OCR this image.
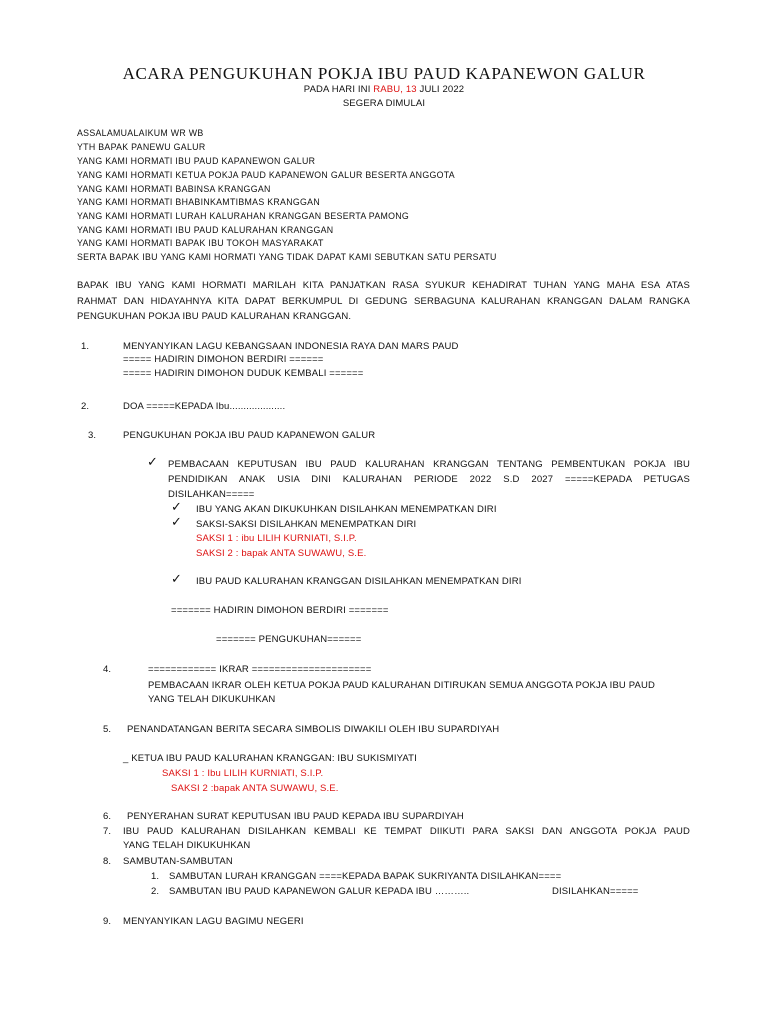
ACARA PENGUKUHAN POKJA IBU PAUD KAPANEWON GALUR
PADA HARI INI RABU, 13 JULI 2022
SEGERA DIMULAI
ASSALAMUALAIKUM WR WB
YTH BAPAK PANEWU GALUR
YANG KAMI HORMATI IBU PAUD KAPANEWON GALUR
YANG KAMI HORMATI KETUA POKJA PAUD KAPANEWON GALUR BESERTA ANGGOTA
YANG KAMI HORMATI BABINSA KRANGGAN
YANG KAMI HORMATI BHABINKAMTIBMAS KRANGGAN
YANG KAMI HORMATI LURAH KALURAHAN KRANGGAN BESERTA PAMONG
YANG KAMI HORMATI IBU PAUD KALURAHAN KRANGGAN
YANG KAMI HORMATI BAPAK IBU TOKOH MASYARAKAT
SERTA BAPAK IBU YANG KAMI HORMATI YANG TIDAK DAPAT KAMI SEBUTKAN SATU PERSATU
BAPAK IBU YANG KAMI HORMATI MARILAH KITA PANJATKAN RASA SYUKUR KEHADIRAT TUHAN YANG MAHA ESA ATAS
RAHMAT DAN HIDAYAHNYA KITA DAPAT BERKUMPUL DI GEDUNG SERBAGUNA KALURAHAN KRANGGAN DALAM RANGKA
PENGUKUHAN POKJA IBU PAUD KALURAHAN KRANGGAN.
1.	MENYANYIKAN LAGU KEBANGSAAN INDONESIA RAYA DAN MARS PAUD
===== HADIRIN DIMOHON BERDIRI ======
===== HADIRIN DIMOHON DUDUK KEMBALI ======
2.	DOA =====KEPADA Ibu....................
3.	PENGUKUHAN POKJA IBU PAUD KAPANEWON GALUR
✓ PEMBACAAN KEPUTUSAN IBU PAUD KALURAHAN KRANGGAN TENTANG PEMBENTUKAN POKJA IBU
PENDIDIKAN ANAK USIA DINI KALURAHAN PERIODE 2022 S.D 2027 =====KEPADA PETUGAS
DISILAHKAN=====
✓ IBU YANG AKAN DIKUKUHKAN DISILAHKAN MENEMPATKAN DIRI
✓ SAKSI-SAKSI DISILAHKAN MENEMPATKAN DIRI
SAKSI 1 : ibu LILIH KURNIATI, S.I.P.
SAKSI 2 : bapak ANTA SUWAWU, S.E.
✓ IBU PAUD KALURAHAN KRANGGAN DISILAHKAN MENEMPATKAN DIRI
======= HADIRIN DIMOHON BERDIRI =======
======= PENGUKUHAN======
4.	============ IKRAR =====================
PEMBACAAN IKRAR OLEH KETUA POKJA PAUD KALURAHAN DITIRUKAN SEMUA ANGGOTA POKJA IBU PAUD
YANG TELAH DIKUKUHKAN
5. PENANDATANGAN BERITA SECARA SIMBOLIS DIWAKILI OLEH IBU SUPARDIYAH
_ KETUA IBU PAUD KALURAHAN KRANGGAN: IBU SUKISMIYATI
SAKSI 1 : Ibu LILIH KURNIATI, S.I.P.
SAKSI 2 :bapak ANTA SUWAWU, S.E.
6. PENYERAHAN SURAT KEPUTUSAN IBU PAUD KEPADA IBU SUPARDIYAH
7. IBU PAUD KALURAHAN DISILAHKAN KEMBALI KE TEMPAT DIIKUTI PARA SAKSI DAN ANGGOTA POKJA PAUD
YANG TELAH DIKUKUHKAN
8. SAMBUTAN-SAMBUTAN
1. SAMBUTAN LURAH KRANGGAN ====KEPADA BAPAK SUKRIYANTA DISILAHKAN====
2. SAMBUTAN IBU PAUD KAPANEWON GALUR KEPADA IBU ………..	DISILAHKAN=====
9. MENYANYIKAN LAGU BAGIMU NEGERI
